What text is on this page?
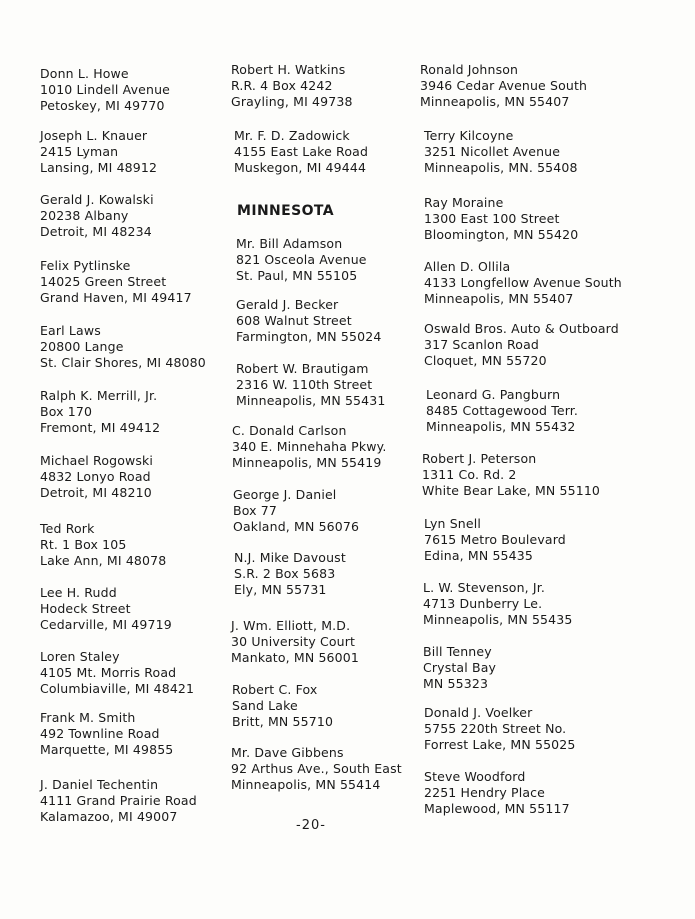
Donn L. Howe
1010 Lindell Avenue
Petoskey, MI 49770
Joseph L. Knauer
2415 Lyman
Lansing, MI 48912
Gerald J. Kowalski
20238 Albany
Detroit, MI 48234
Felix Pytlinske
14025 Green Street
Grand Haven, MI 49417
Earl Laws
20800 Lange
St. Clair Shores, MI 48080
Ralph K. Merrill, Jr.
Box 170
Fremont, MI 49412
Michael Rogowski
4832 Lonyo Road
Detroit, MI 48210
Ted Rork
Rt. 1 Box 105
Lake Ann, MI 48078
Lee H. Rudd
Hodeck Street
Cedarville, MI 49719
Loren Staley
4105 Mt. Morris Road
Columbiaville, MI 48421
Frank M. Smith
492 Townline Road
Marquette, MI 49855
J. Daniel Techentin
4111 Grand Prairie Road
Kalamazoo, MI 49007
Robert H. Watkins
R.R. 4 Box 4242
Grayling, MI 49738
Mr. F. D. Zadowick
4155 East Lake Road
Muskegon, MI 49444
MINNESOTA
Mr. Bill Adamson
821 Osceola Avenue
St. Paul, MN 55105
Gerald J. Becker
608 Walnut Street
Farmington, MN 55024
Robert W. Brautigam
2316 W. 110th Street
Minneapolis, MN 55431
C. Donald Carlson
340 E. Minnehaha Pkwy.
Minneapolis, MN 55419
George J. Daniel
Box 77
Oakland, MN 56076
N.J. Mike Davoust
S.R. 2 Box 5683
Ely, MN 55731
J. Wm. Elliott, M.D.
30 University Court
Mankato, MN 56001
Robert C. Fox
Sand Lake
Britt, MN 55710
Mr. Dave Gibbens
92 Arthus Ave., South East
Minneapolis, MN 55414
Ronald Johnson
3946 Cedar Avenue South
Minneapolis, MN 55407
Terry Kilcoyne
3251 Nicollet Avenue
Minneapolis, MN. 55408
Ray Moraine
1300 East 100 Street
Bloomington, MN 55420
Allen D. Ollila
4133 Longfellow Avenue South
Minneapolis, MN 55407
Oswald Bros. Auto & Outboard
317 Scanlon Road
Cloquet, MN 55720
Leonard G. Pangburn
8485 Cottagewood Terr.
Minneapolis, MN 55432
Robert J. Peterson
1311 Co. Rd. 2
White Bear Lake, MN 55110
Lyn Snell
7615 Metro Boulevard
Edina, MN 55435
L. W. Stevenson, Jr.
4713 Dunberry Le.
Minneapolis, MN 55435
Bill Tenney
Crystal Bay
MN 55323
Donald J. Voelker
5755 220th Street No.
Forrest Lake, MN 55025
Steve Woodford
2251 Hendry Place
Maplewood, MN 55117
-20-
